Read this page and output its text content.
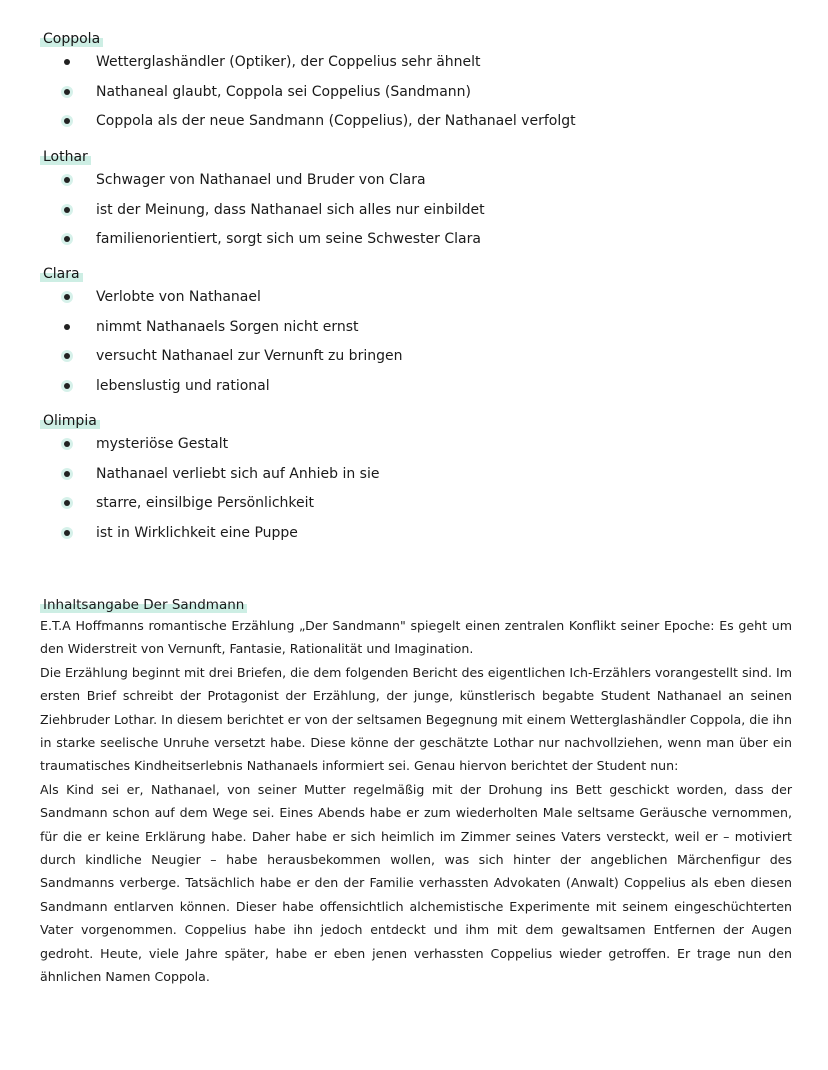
Coppola
Wetterglashändler (Optiker), der Coppelius sehr ähnelt
Nathaneal glaubt, Coppola sei Coppelius (Sandmann)
Coppola als der neue Sandmann (Coppelius), der Nathanael verfolgt
Lothar
Schwager von Nathanael und Bruder von Clara
ist der Meinung, dass Nathanael sich alles nur einbildet
familienorientiert, sorgt sich um seine Schwester Clara
Clara
Verlobte von Nathanael
nimmt Nathanaels Sorgen nicht ernst
versucht Nathanael zur Vernunft zu bringen
lebenslustig und rational
Olimpia
mysteriöse Gestalt
Nathanael verliebt sich auf Anhieb in sie
starre, einsilbige Persönlichkeit
ist in Wirklichkeit eine Puppe
Inhaltsangabe Der Sandmann

E.T.A Hoffmanns romantische Erzählung „Der Sandmann" spiegelt einen zentralen Konflikt seiner Epoche: Es geht um den Widerstreit von Vernunft, Fantasie, Rationalität und Imagination.

Die Erzählung beginnt mit drei Briefen, die dem folgenden Bericht des eigentlichen Ich-Erzählers vorangestellt sind. Im ersten Brief schreibt der Protagonist der Erzählung, der junge, künstlerisch begabte Student Nathanael an seinen Ziehbruder Lothar. In diesem berichtet er von der seltsamen Begegnung mit einem Wetterglashändler Coppola, die ihn in starke seelische Unruhe versetzt habe. Diese könne der geschätzte Lothar nur nachvollziehen, wenn man über ein traumatisches Kindheitserlebnis Nathanaels informiert sei. Genau hiervon berichtet der Student nun:

Als Kind sei er, Nathanael, von seiner Mutter regelmäßig mit der Drohung ins Bett geschickt worden, dass der Sandmann schon auf dem Wege sei. Eines Abends habe er zum wiederholten Male seltsame Geräusche vernommen, für die er keine Erklärung habe. Daher habe er sich heimlich im Zimmer seines Vaters versteckt, weil er – motiviert durch kindliche Neugier – habe herausbekommen wollen, was sich hinter der angeblichen Märchenfigur des Sandmanns verberge. Tatsächlich habe er den der Familie verhassten Advokaten (Anwalt) Coppelius als eben diesen Sandmann entlarven können. Dieser habe offensichtlich alchemistische Experimente mit seinem eingeschüchterten Vater vorgenommen. Coppelius habe ihn jedoch entdeckt und ihm mit dem gewaltsamen Entfernen der Augen gedroht. Heute, viele Jahre später, habe er eben jenen verhassten Coppelius wieder getroffen. Er trage nun den ähnlichen Namen Coppola.
